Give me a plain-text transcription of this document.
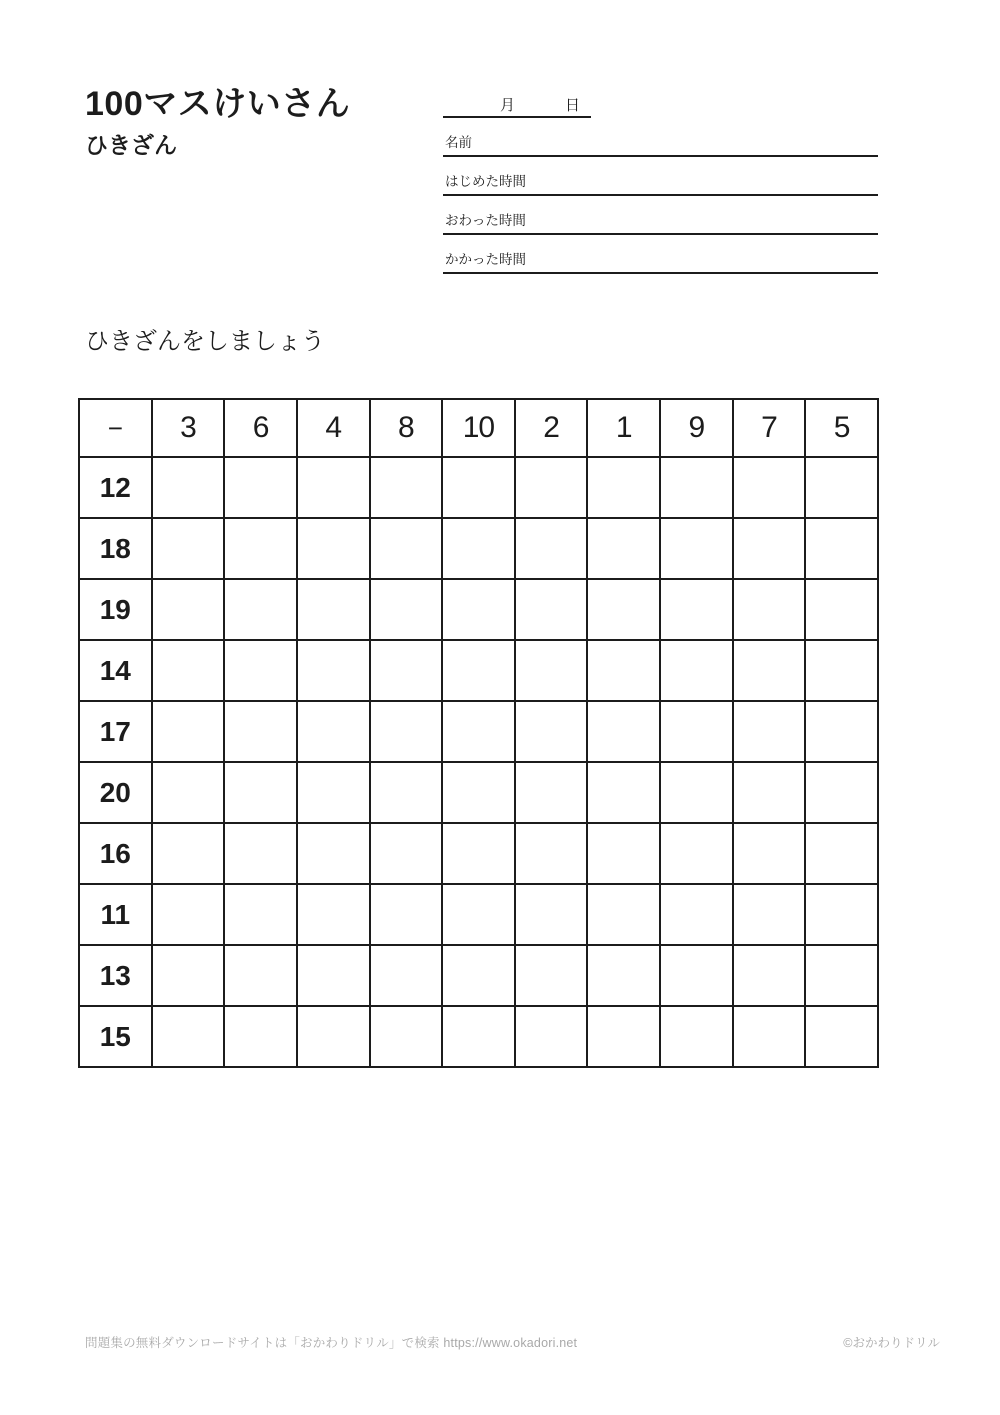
100マスけいさん
ひきざん
月	日
名前
はじめた時間
おわった時間
かかった時間
ひきざんをしましょう
−	3	6	4	8	10	2	1	9	7	5
12										
18										
19										
14										
17										
20										
16										
11										
13										
15										
問題集の無料ダウンロードサイトは「おかわりドリル」で検索 https://www.okadori.net	©おかわりドリル
